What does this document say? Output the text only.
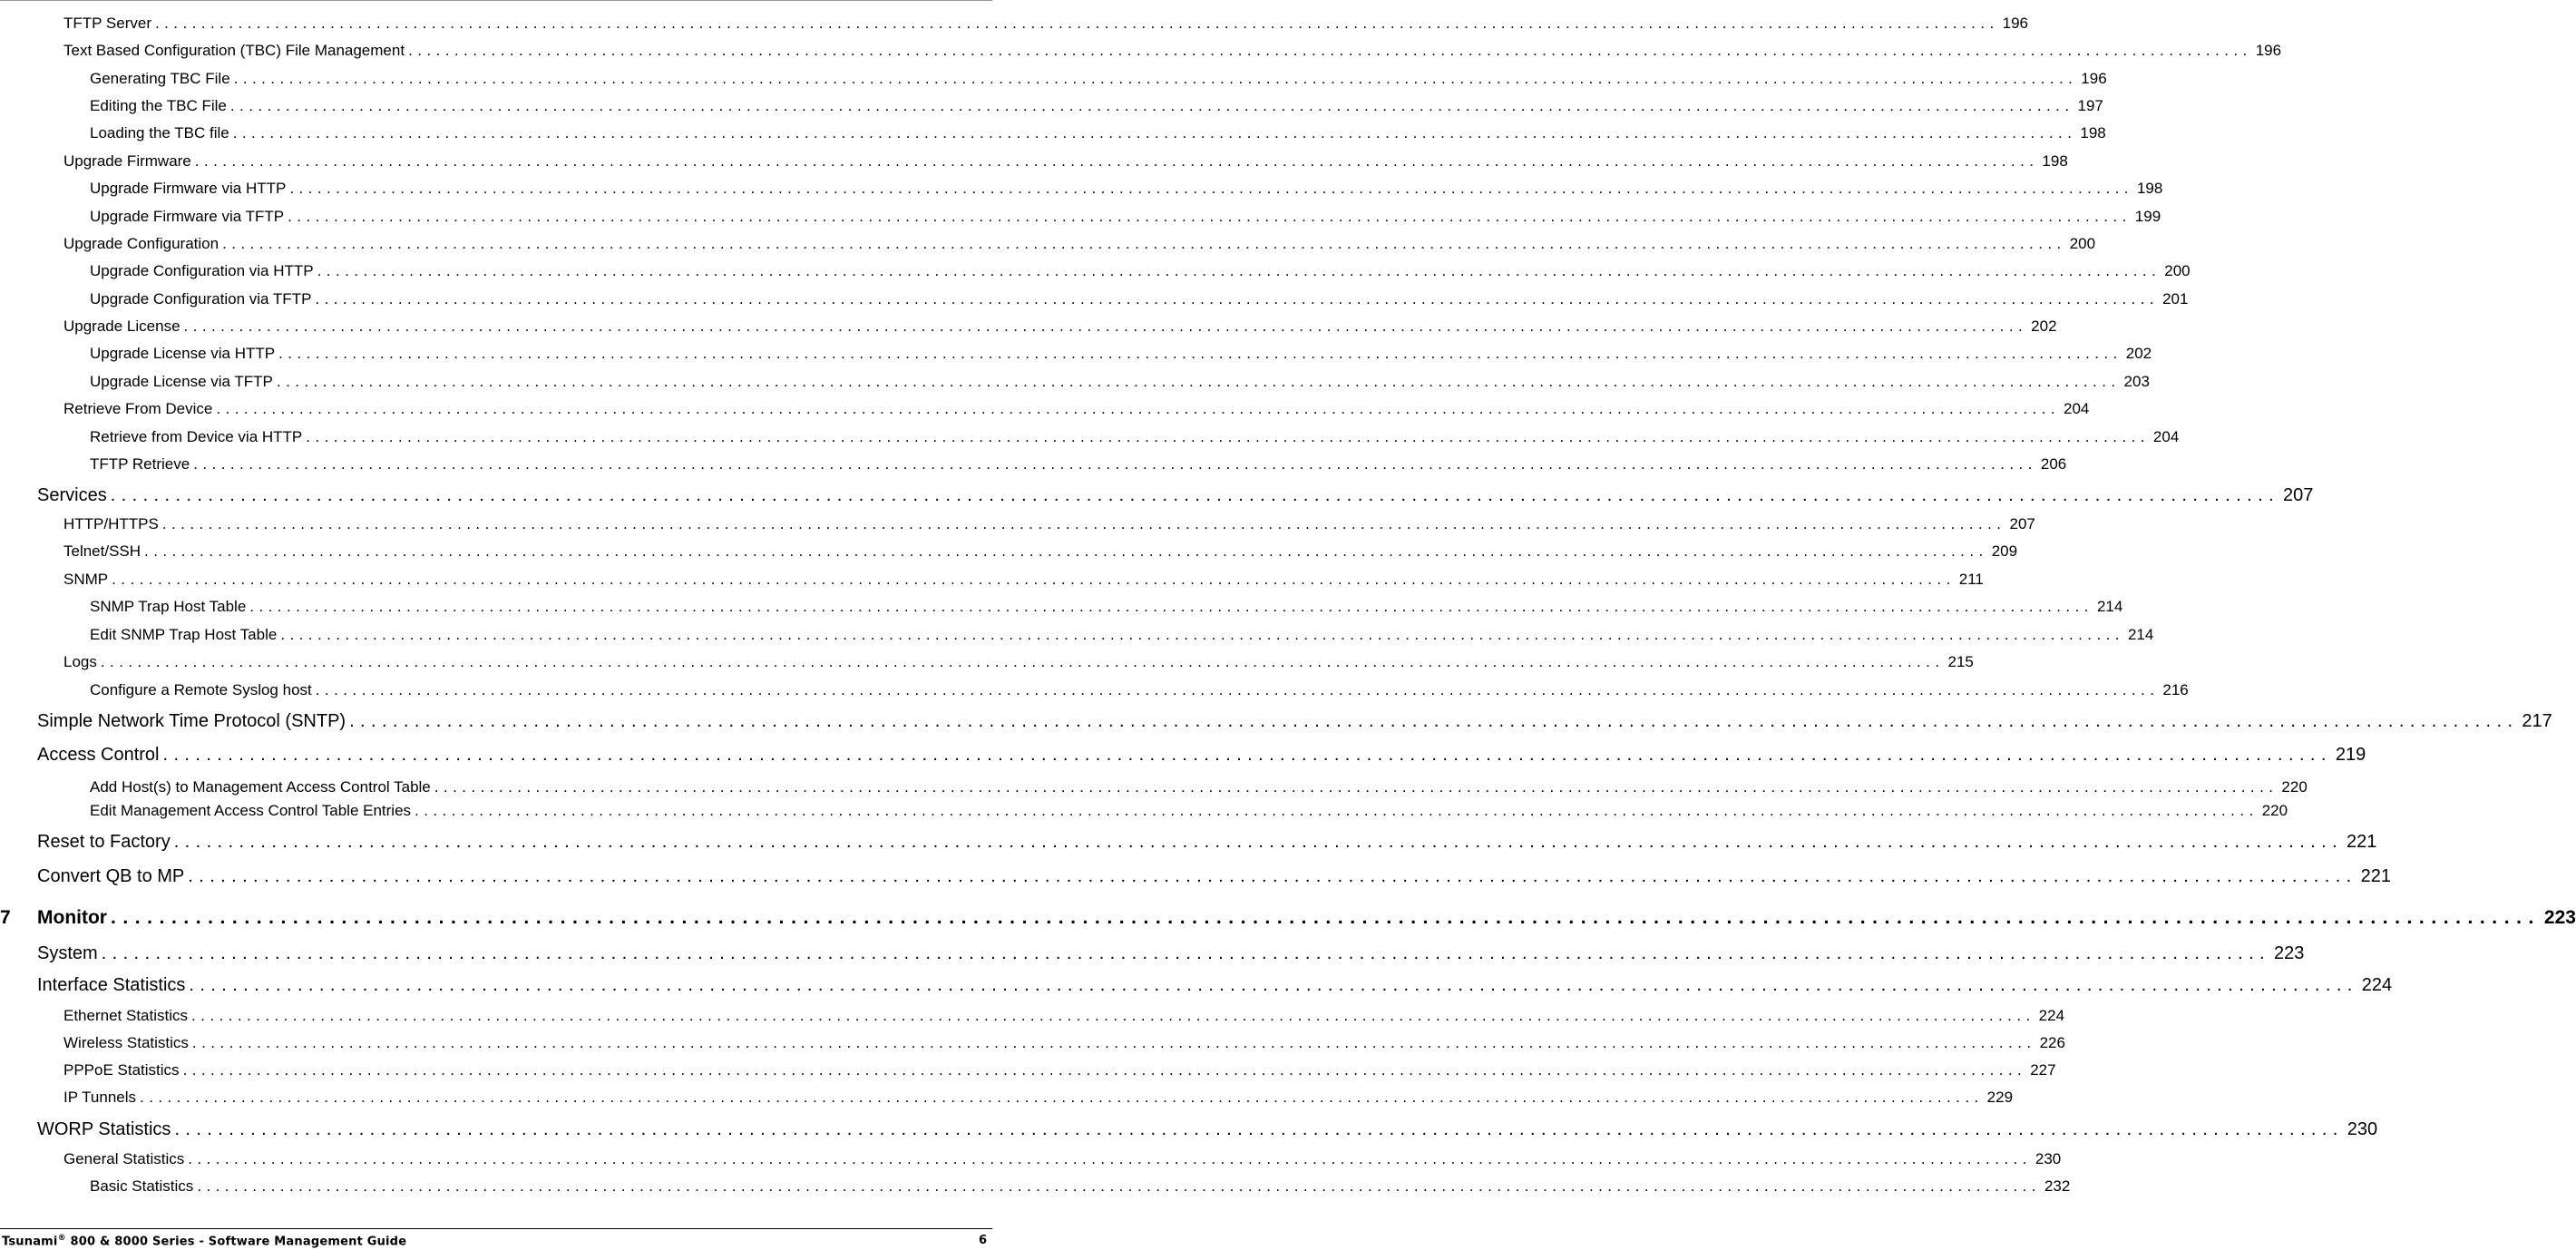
TFTP Server ........................................................................................................................................................................................................ 196
Text Based Configuration (TBC) File Management ........................................................................................................................................................................................................ 196
Generating TBC File ........................................................................................................................................................................................................ 196
Editing the TBC File ........................................................................................................................................................................................................ 197
Loading the TBC file ........................................................................................................................................................................................................ 198
Upgrade Firmware ........................................................................................................................................................................................................ 198
Upgrade Firmware via HTTP ........................................................................................................................................................................................................ 198
Upgrade Firmware via TFTP ........................................................................................................................................................................................................ 199
Upgrade Configuration ........................................................................................................................................................................................................ 200
Upgrade Configuration via HTTP ........................................................................................................................................................................................................ 200
Upgrade Configuration via TFTP ........................................................................................................................................................................................................ 201
Upgrade License ........................................................................................................................................................................................................ 202
Upgrade License via HTTP ........................................................................................................................................................................................................ 202
Upgrade License via TFTP ........................................................................................................................................................................................................ 203
Retrieve From Device ........................................................................................................................................................................................................ 204
Retrieve from Device via HTTP ........................................................................................................................................................................................................ 204
TFTP Retrieve ........................................................................................................................................................................................................ 206
Services ........................................................................................................................................................................................................ 207
HTTP/HTTPS ........................................................................................................................................................................................................ 207
Telnet/SSH ........................................................................................................................................................................................................ 209
SNMP ........................................................................................................................................................................................................ 211
SNMP Trap Host Table ........................................................................................................................................................................................................ 214
Edit SNMP Trap Host Table ........................................................................................................................................................................................................ 214
Logs ........................................................................................................................................................................................................ 215
Configure a Remote Syslog host ........................................................................................................................................................................................................ 216
Simple Network Time Protocol (SNTP) ........................................................................................................................................................................................................ 217
Access Control ........................................................................................................................................................................................................ 219
Add Host(s) to Management Access Control Table ........................................................................................................................................................................................................ 220
Edit Management Access Control Table Entries ........................................................................................................................................................................................................ 220
Reset to Factory ........................................................................................................................................................................................................ 221
Convert QB to MP ........................................................................................................................................................................................................ 221
7 Monitor ........................................................................................................................................................................................................ 223
System ........................................................................................................................................................................................................ 223
Interface Statistics ........................................................................................................................................................................................................ 224
Ethernet Statistics ........................................................................................................................................................................................................ 224
Wireless Statistics ........................................................................................................................................................................................................ 226
PPPoE Statistics ........................................................................................................................................................................................................ 227
IP Tunnels ........................................................................................................................................................................................................ 229
WORP Statistics ........................................................................................................................................................................................................ 230
General Statistics ........................................................................................................................................................................................................ 230
Basic Statistics ........................................................................................................................................................................................................ 232
Tsunami® 800 & 8000 Series - Software Management Guide	6
